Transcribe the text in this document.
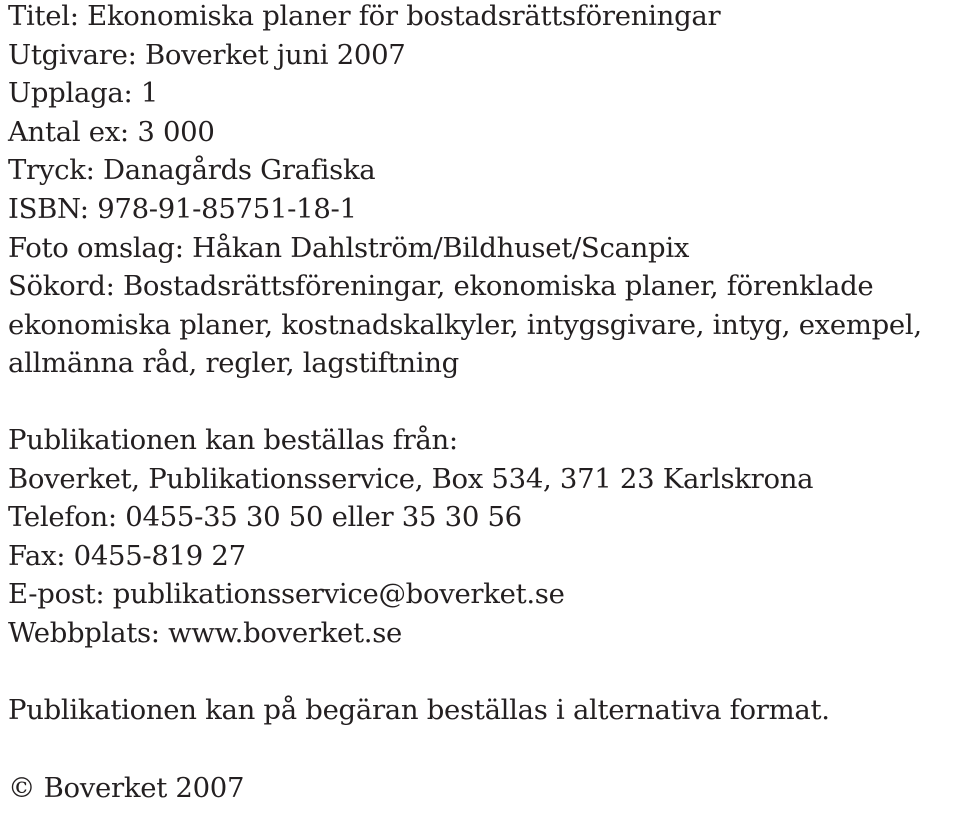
Titel: Ekonomiska planer för bostadsrättsföreningar
Utgivare: Boverket juni 2007
Upplaga: 1
Antal ex: 3 000
Tryck: Danagårds Grafiska
ISBN: 978-91-85751-18-1
Foto omslag: Håkan Dahlström/Bildhuset/Scanpix
Sökord: Bostadsrättsföreningar, ekonomiska planer, förenklade
ekonomiska planer, kostnadskalkyler, intygsgivare, intyg, exempel,
allmänna råd, regler, lagstiftning
Publikationen kan beställas från:
Boverket, Publikationsservice, Box 534, 371 23 Karlskrona
Telefon: 0455-35 30 50 eller 35 30 56
Fax: 0455-819 27
E-post: publikationsservice@boverket.se
Webbplats: www.boverket.se
Publikationen kan på begäran beställas i alternativa format.
© Boverket 2007
